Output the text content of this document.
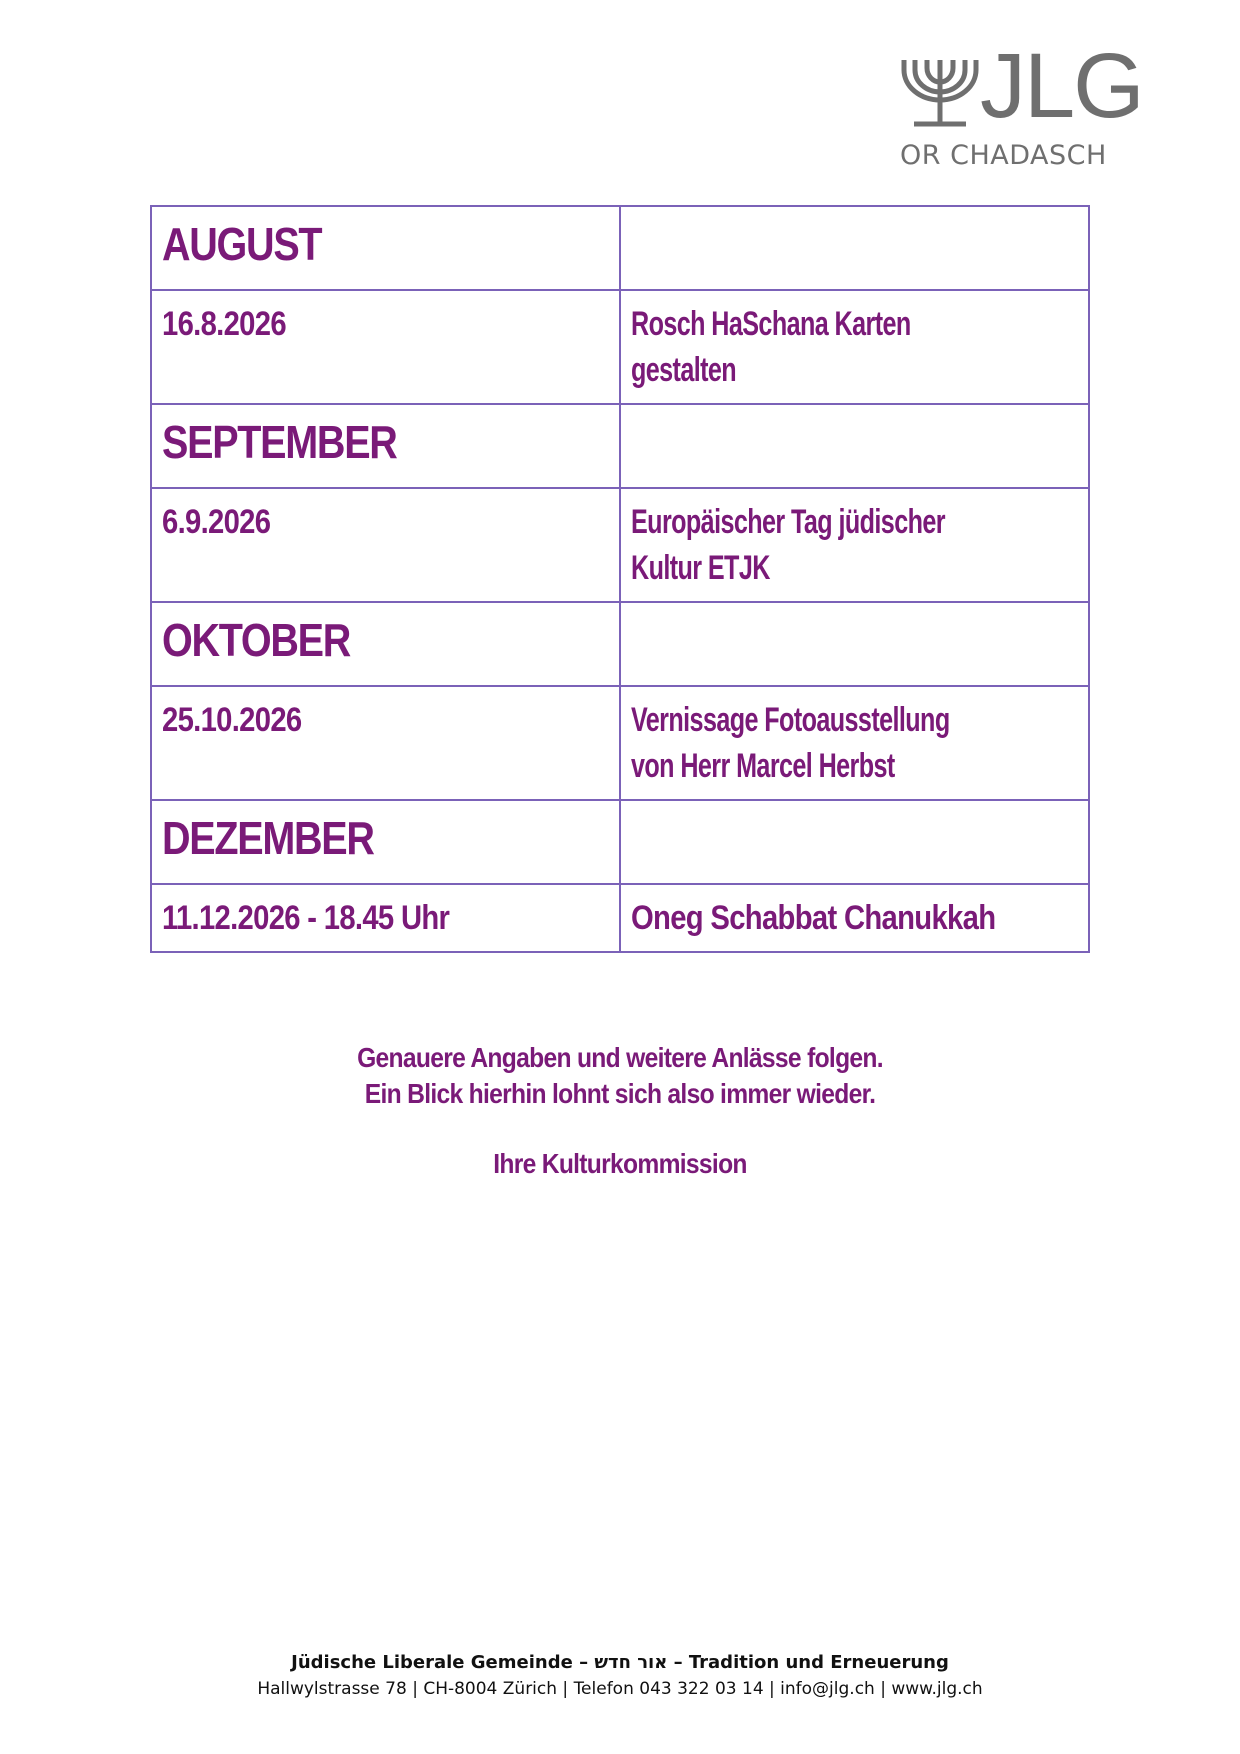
JLG
OR CHADASCH
AUGUST	
16.8.2026	Rosch HaSchana Karten
gestalten
SEPTEMBER	
6.9.2026	Europäischer Tag jüdischer
Kultur ETJK
OKTOBER	
25.10.2026	Vernissage Fotoausstellung
von Herr Marcel Herbst
DEZEMBER	
11.12.2026 - 18.45 Uhr	Oneg Schabbat Chanukkah
Genauere Angaben und weitere Anlässe folgen.
Ein Blick hierhin lohnt sich also immer wieder.
Ihre Kulturkommission
Jüdische Liberale Gemeinde – אור חדש – Tradition und Erneuerung
Hallwylstrasse 78 | CH-8004 Zürich | Telefon 043 322 03 14 | info@jlg.ch | www.jlg.ch
